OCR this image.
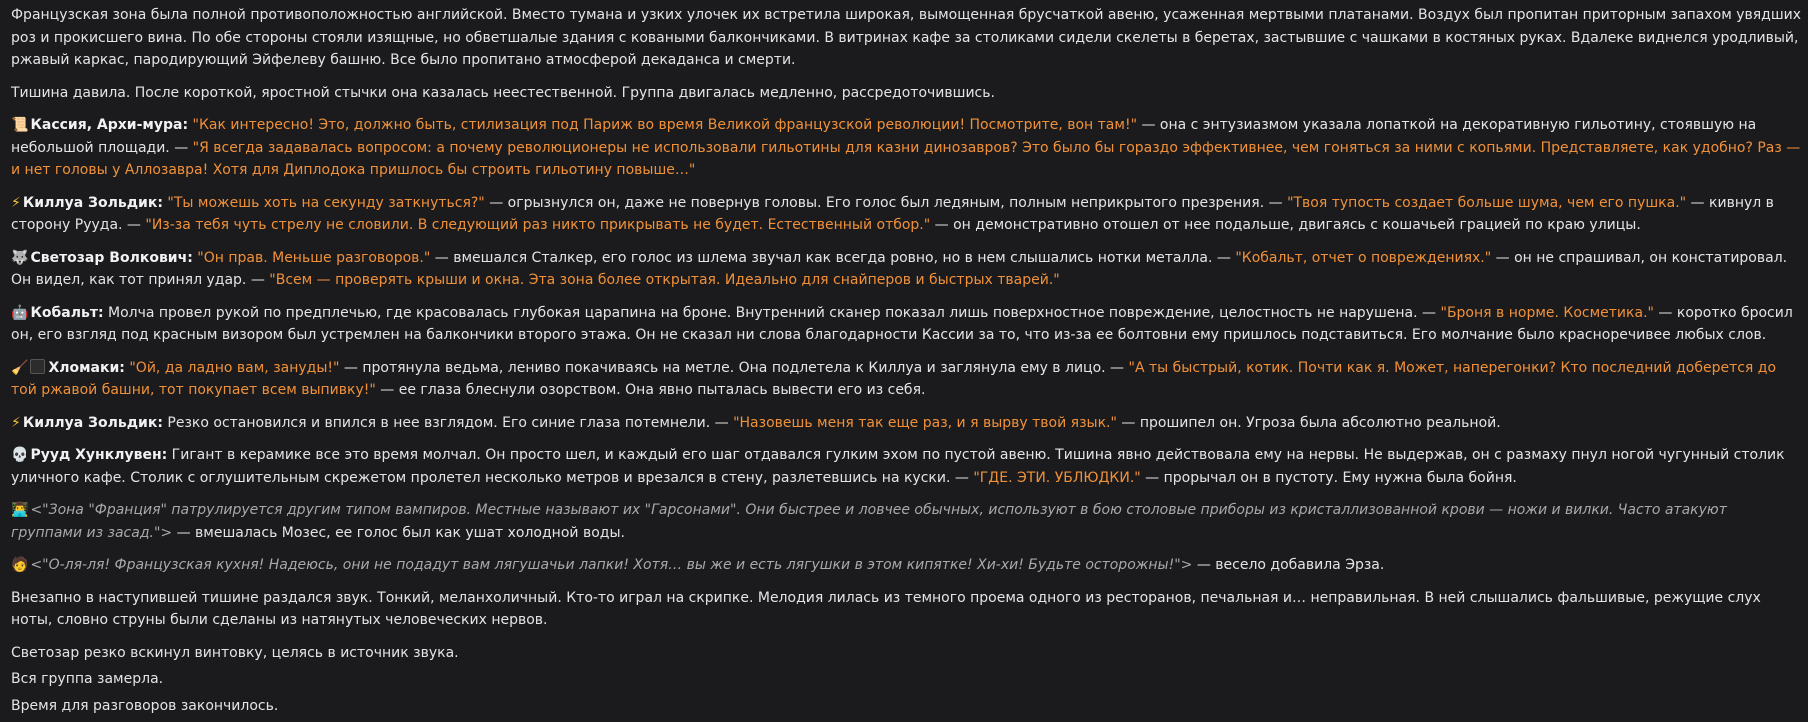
Французская зона была полной противоположностью английской. Вместо тумана и узких улочек их встретила широкая, вымощенная брусчаткой авеню, усаженная мертвыми платанами. Воздух был пропитан приторным запахом увядших роз и прокисшего вина. По обе стороны стояли изящные, но обветшалые здания с коваными балкончиками. В витринах кафе за столиками сидели скелеты в беретах, застывшие с чашками в костяных руках. Вдалеке виднелся уродливый, ржавый каркас, пародирующий Эйфелеву башню. Все было пропитано атмосферой декаданса и смерти.

Тишина давила. После короткой, яростной стычки она казалась неестественной. Группа двигалась медленно, рассредоточившись.

📜 Кассия, Архи-мура: "Как интересно! Это, должно быть, стилизация под Париж во время Великой французской революции! Посмотрите, вон там!" — она с энтузиазмом указала лопаткой на декоративную гильотину, стоявшую на небольшой площади. — "Я всегда задавалась вопросом: а почему революционеры не использовали гильотины для казни динозавров? Это было бы гораздо эффективнее, чем гоняться за ними с копьями. Представляете, как удобно? Раз — и нет головы у Аллозавра! Хотя для Диплодока пришлось бы строить гильотину повыше…"

⚡ Киллуа Зольдик: "Ты можешь хоть на секунду заткнуться?" — огрызнулся он, даже не повернув головы. Его голос был ледяным, полным неприкрытого презрения. — "Твоя тупость создает больше шума, чем его пушка." — кивнул в сторону Рууда. — "Из-за тебя чуть стрелу не словили. В следующий раз никто прикрывать не будет. Естественный отбор." — он демонстративно отошел от нее подальше, двигаясь с кошачьей грацией по краю улицы.

🐺 Светозар Волкович: "Он прав. Меньше разговоров." — вмешался Сталкер, его голос из шлема звучал как всегда ровно, но в нем слышались нотки металла. — "Кобальт, отчет о повреждениях." — он не спрашивал, он констатировал. Он видел, как тот принял удар. — "Всем — проверять крыши и окна. Эта зона более открытая. Идеально для снайперов и быстрых тварей."

🤖 Кобальт: Молча провел рукой по предплечью, где красовалась глубокая царапина на броне. Внутренний сканер показал лишь поверхностное повреждение, целостность не нарушена. — "Броня в норме. Косметика." — коротко бросил он, его взгляд под красным визором был устремлен на балкончики второго этажа. Он не сказал ни слова благодарности Кассии за то, что из-за ее болтовни ему пришлось подставиться. Его молчание было красноречивее любых слов.

🧹 Хломаки: "Ой, да ладно вам, зануды!" — протянула ведьма, лениво покачиваясь на метле. Она подлетела к Киллуа и заглянула ему в лицо. — "А ты быстрый, котик. Почти как я. Может, наперегонки? Кто последний доберется до той ржавой башни, тот покупает всем выпивку!" — ее глаза блеснули озорством. Она явно пыталась вывести его из себя.

⚡ Киллуа Зольдик: Резко остановился и впился в нее взглядом. Его синие глаза потемнели. — "Назовешь меня так еще раз, и я вырву твой язык." — прошипел он. Угроза была абсолютно реальной.

💀 Рууд Хунклувен: Гигант в керамике все это время молчал. Он просто шел, и каждый его шаг отдавался гулким эхом по пустой авеню. Тишина явно действовала ему на нервы. Не выдержав, он с размаху пнул ногой чугунный столик уличного кафе. Столик с оглушительным скрежетом пролетел несколько метров и врезался в стену, разлетевшись на куски. — "ГДЕ. ЭТИ. УБЛЮДКИ." — прорычал он в пустоту. Ему нужна была бойня.

👨‍💻 <"Зона "Франция" патрулируется другим типом вампиров. Местные называют их "Гарсонами". Они быстрее и ловчее обычных, используют в бою столовые приборы из кристаллизованной крови — ножи и вилки. Часто атакуют группами из засад."> — вмешалась Мозес, ее голос был как ушат холодной воды.

🧑 <"О-ля-ля! Французская кухня! Надеюсь, они не подадут вам лягушачьи лапки! Хотя… вы же и есть лягушки в этом кипятке! Хи-хи! Будьте осторожны!"> — весело добавила Эрза.

Внезапно в наступившей тишине раздался звук. Тонкий, меланхоличный. Кто-то играл на скрипке. Мелодия лилась из темного проема одного из ресторанов, печальная и… неправильная. В ней слышались фальшивые, режущие слух ноты, словно струны были сделаны из натянутых человеческих нервов.

Светозар резко вскинул винтовку, целясь в источник звука.

Вся группа замерла.

Время для разговоров закончилось.
